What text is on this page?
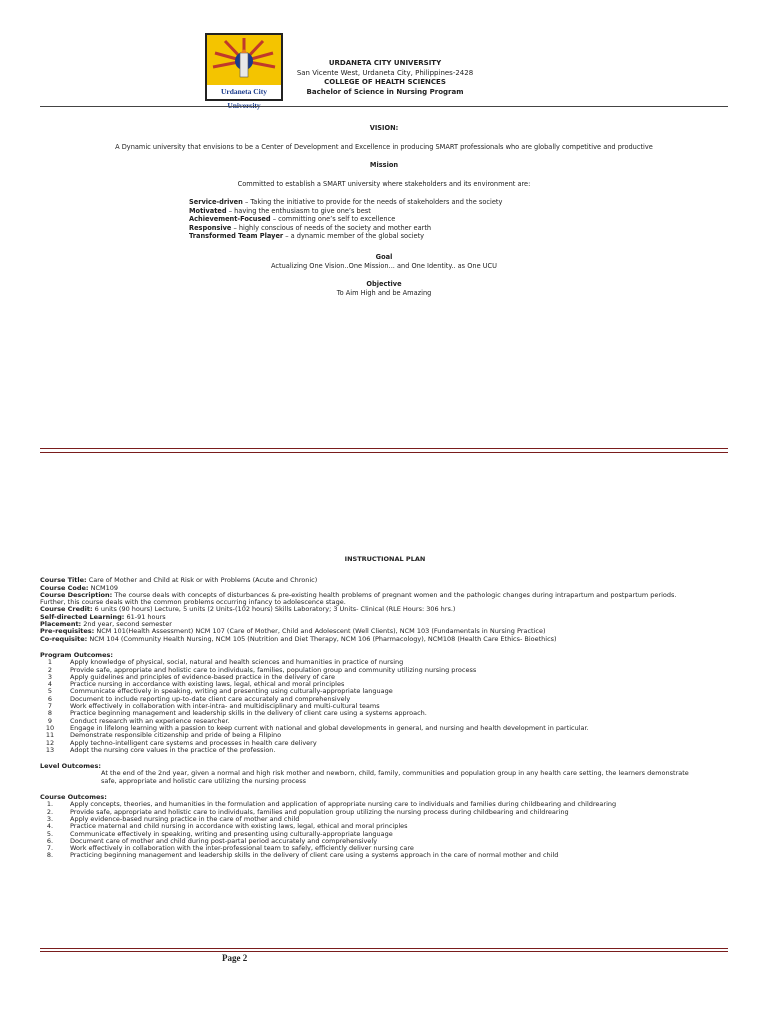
Urdaneta City
URDANETA CITY UNIVERSITY
San Vicente West, Urdaneta City, Philippines-2428
COLLEGE OF HEALTH SCIENCES
Bachelor of Science in Nursing Program
VISION:
A Dynamic university that envisions to be a Center of Development and Excellence in producing SMART professionals who are globally competitive and productive
Mission
Committed to establish a SMART university where stakeholders and its environment are:
Service-driven – Taking the initiative to provide for the needs of stakeholders and the society
Motivated – having the enthusiasm to give one’s best
Achievement-Focused – committing one’s self to excellence
Responsive – highly conscious of needs of the society and mother earth
Transformed Team Player – a dynamic member of the global society
Goal
Actualizing One Vision..One Mission... and One Identity.. as One UCU
Objective
To Aim High and be Amazing
INSTRUCTIONAL PLAN

Course Title: Care of Mother and Child at Risk or with Problems (Acute and Chronic)

Course Code: NCM109

Course Description: The course deals with concepts of disturbances & pre-existing health problems of pregnant women and the pathologic changes during intrapartum and postpartum periods.

Further, this course deals with the common problems occurring infancy to adolescence stage.

Course Credit: 6 units (90 hours) Lecture, 5 units (2 Units-(102 hours) Skills Laboratory; 3 Units- Clinical (RLE Hours: 306 hrs.)

Self-directed Learning: 61-91 hours

Placement: 2nd year, second semester

Pre-requisites: NCM 101(Health Assessment) NCM 107 (Care of Mother, Child and Adolescent (Well Clients), NCM 103 (Fundamentals in Nursing Practice)

Co-requisite: NCM 104 (Community Health Nursing, NCM 105 (Nutrition and Diet Therapy, NCM 106 (Pharmacology), NCM108 (Health Care Ethics- Bioethics)

Program Outcomes:

1	Apply knowledge of physical, social, natural and health sciences and humanities in practice of nursing
2	Provide safe, appropriate and holistic care to individuals, families, population group and community utilizing nursing process
3	Apply guidelines and principles of evidence-based practice in the delivery of care
4	Practice nursing in accordance with existing laws, legal, ethical and moral principles
5	Communicate effectively in speaking, writing and presenting using culturally-appropriate language
6	Document to include reporting up-to-date client care accurately and comprehensively
7	Work effectively in collaboration with inter-intra- and multidisciplinary and multi-cultural teams
8	Practice beginning management and leadership skills in the delivery of client care using a systems approach.
9	Conduct research with an experience researcher.
10	Engage in lifelong learning with a passion to keep current with national and global developments in general, and nursing and health development in particular.
11	Demonstrate responsible citizenship and pride of being a Filipino
12	Apply techno-intelligent care systems and processes in health care delivery
13	Adopt the nursing core values in the practice of the profession.

Level Outcomes:

At the end of the 2nd year, given a normal and high risk mother and newborn, child, family, communities and population group in any health care setting, the learners demonstrate safe, appropriate and holistic care utilizing the nursing process

Course Outcomes:

1.	Apply concepts, theories, and humanities in the formulation and application of appropriate nursing care to individuals and families during childbearing and childrearing
2.	Provide safe, appropriate and holistic care to individuals, families and population group utilizing the nursing process during childbearing and childrearing
3.	Apply evidence-based nursing practice in the care of mother and child
4.	Practice maternal and child nursing in accordance with existing laws, legal, ethical and moral principles
5.	Communicate effectively in speaking, writing and presenting using culturally-appropriate language
6.	Document care of mother and child during post-partal period accurately and comprehensively
7.	Work effectively in collaboration with the inter-professional team to safely, efficiently deliver nursing care
8.	Practicing beginning management and leadership skills in the delivery of client care using a systems approach in the care of normal mother and child
Page 2
